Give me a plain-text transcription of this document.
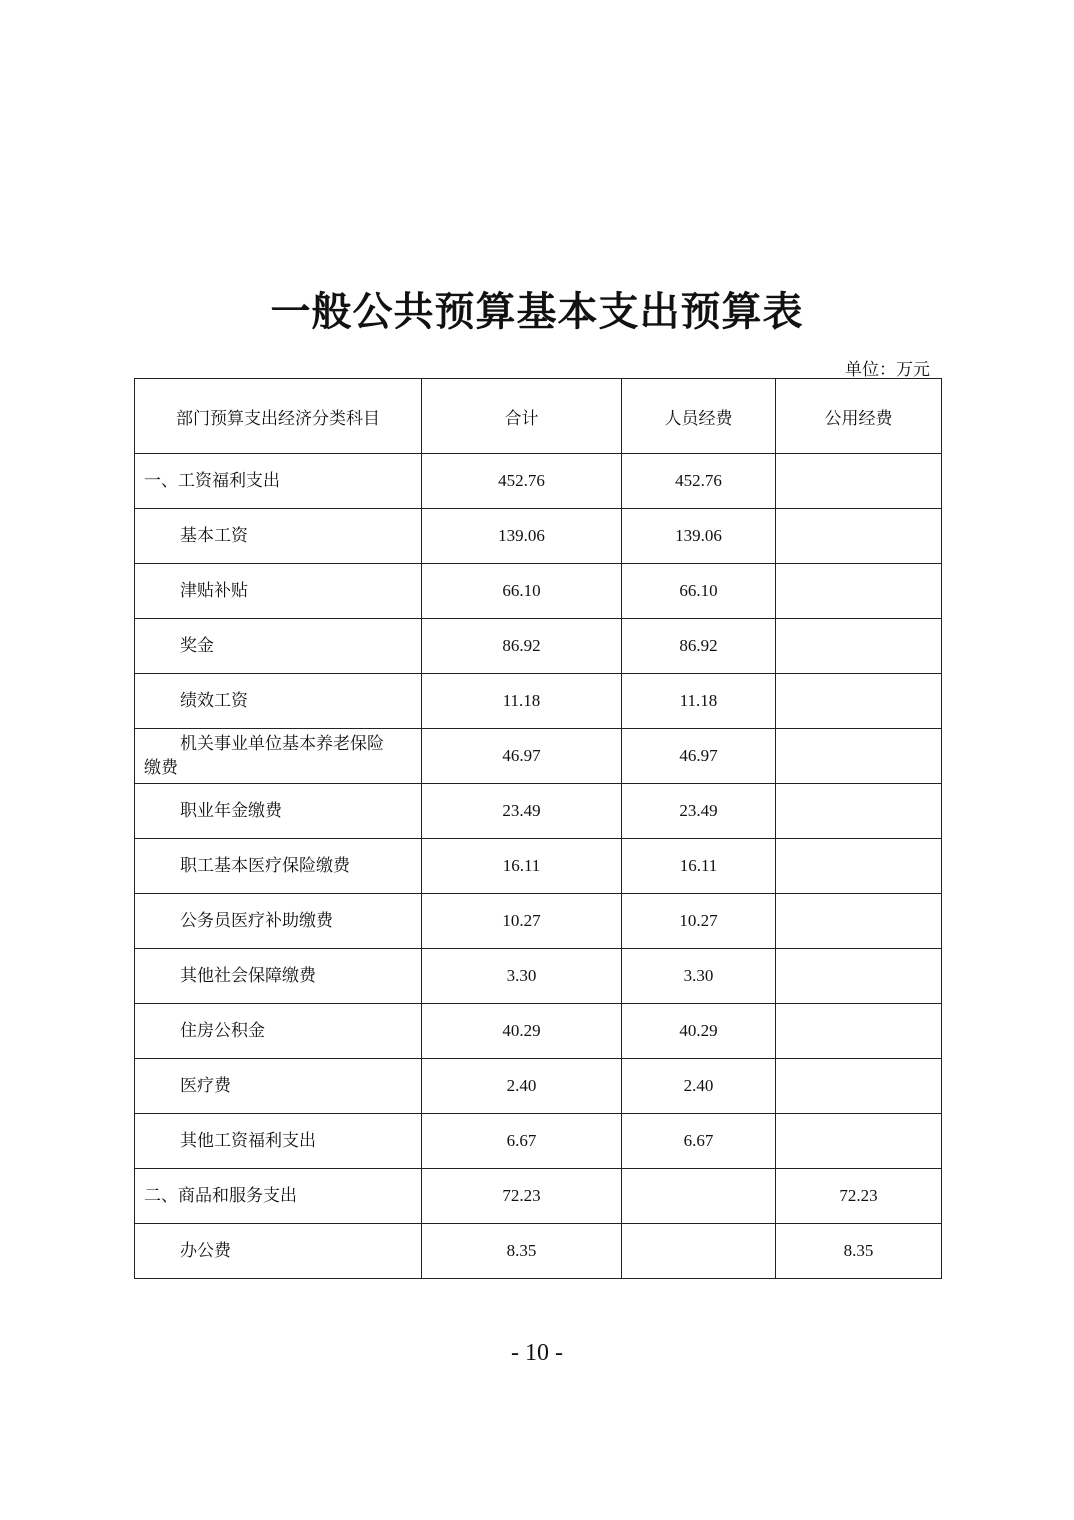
一般公共预算基本支出预算表
单位：万元
部门预算支出经济分类科目	合计	人员经费	公用经费
一、工资福利支出	452.76	452.76	
基本工资	139.06	139.06	
津贴补贴	66.10	66.10	
奖金	86.92	86.92	
绩效工资	11.18	11.18	
机关事业单位基本养老保险
缴费	46.97	46.97	
职业年金缴费	23.49	23.49	
职工基本医疗保险缴费	16.11	16.11	
公务员医疗补助缴费	10.27	10.27	
其他社会保障缴费	3.30	3.30	
住房公积金	40.29	40.29	
医疗费	2.40	2.40	
其他工资福利支出	6.67	6.67	
二、商品和服务支出	72.23		72.23
办公费	8.35		8.35
- 10 -
